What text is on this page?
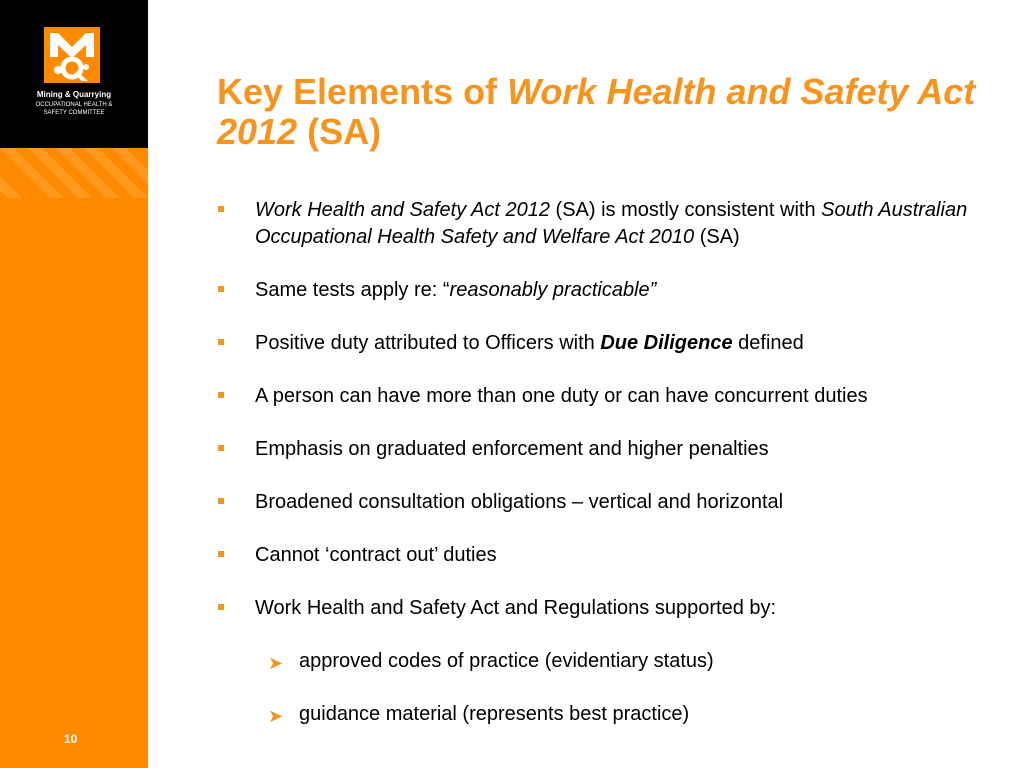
Mining & Quarrying
OCCUPATIONAL HEALTH &
SAFETY COMMITTEE
10
Key Elements of Work Health and Safety Act 2012 (SA)

Work Health and Safety Act 2012 (SA) is mostly consistent with South Australian Occupational Health Safety and Welfare Act 2010 (SA)

Same tests apply re: “reasonably practicable”

Positive duty attributed to Officers with Due Diligence defined

A person can have more than one duty or can have concurrent duties

Emphasis on graduated enforcement and higher penalties

Broadened consultation obligations – vertical and horizontal

Cannot ‘contract out’ duties

Work Health and Safety Act and Regulations supported by:

➤ approved codes of practice (evidentiary status)

➤ guidance material (represents best practice)
